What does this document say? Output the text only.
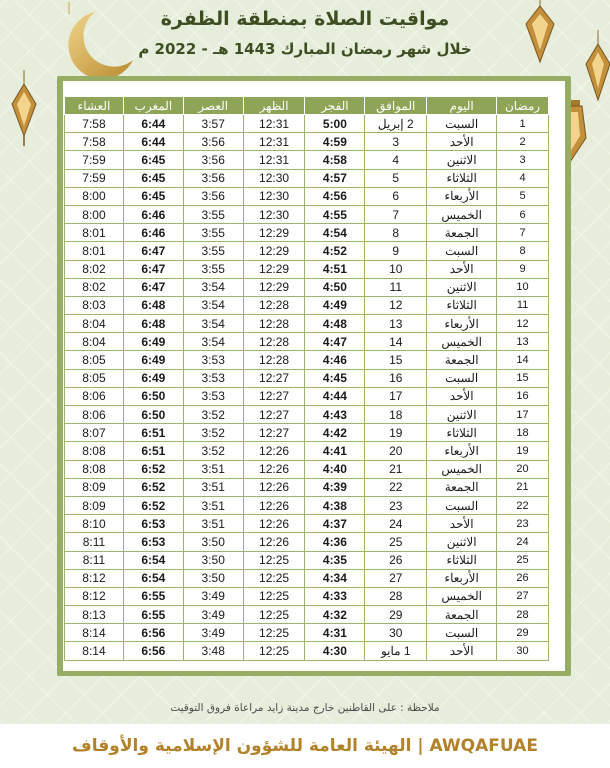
مواقيت الصلاة بمنطقة الظفرة
خلال شهر رمضان المبارك 1443 هـ - 2022 م
رمضان	اليوم	الموافق	الفجر	الظهر	العصر	المغرب	العشاء
1	السبت	2 إبريل	5:00	12:31	3:57	6:44	7:58
2	الأحد	3	4:59	12:31	3:56	6:44	7:58
3	الاثنين	4	4:58	12:31	3:56	6:45	7:59
4	الثلاثاء	5	4:57	12:30	3:56	6:45	7:59
5	الأربعاء	6	4:56	12:30	3:56	6:45	8:00
6	الخميس	7	4:55	12:30	3:55	6:46	8:00
7	الجمعة	8	4:54	12:29	3:55	6:46	8:01
8	السبت	9	4:52	12:29	3:55	6:47	8:01
9	الأحد	10	4:51	12:29	3:55	6:47	8:02
10	الاثنين	11	4:50	12:29	3:54	6:47	8:02
11	الثلاثاء	12	4:49	12:28	3:54	6:48	8:03
12	الأربعاء	13	4:48	12:28	3:54	6:48	8:04
13	الخميس	14	4:47	12:28	3:54	6:49	8:04
14	الجمعة	15	4:46	12:28	3:53	6:49	8:05
15	السبت	16	4:45	12:27	3:53	6:49	8:05
16	الأحد	17	4:44	12:27	3:53	6:50	8:06
17	الاثنين	18	4:43	12:27	3:52	6:50	8:06
18	الثلاثاء	19	4:42	12:27	3:52	6:51	8:07
19	الأربعاء	20	4:41	12:26	3:52	6:51	8:08
20	الخميس	21	4:40	12:26	3:51	6:52	8:08
21	الجمعة	22	4:39	12:26	3:51	6:52	8:09
22	السبت	23	4:38	12:26	3:51	6:52	8:09
23	الأحد	24	4:37	12:26	3:51	6:53	8:10
24	الاثنين	25	4:36	12:26	3:50	6:53	8:11
25	الثلاثاء	26	4:35	12:25	3:50	6:54	8:11
26	الأربعاء	27	4:34	12:25	3:50	6:54	8:12
27	الخميس	28	4:33	12:25	3:49	6:55	8:12
28	الجمعة	29	4:32	12:25	3:49	6:55	8:13
29	السبت	30	4:31	12:25	3:49	6:56	8:14
30	الأحد	1 مايو	4:30	12:25	3:48	6:56	8:14
ملاحظة : على القاطنين خارج مدينة زايد مراعاة فروق التوقيت
الهيئة العامة للشؤون الإسلامية والأوقاف | AWQAFUAE
